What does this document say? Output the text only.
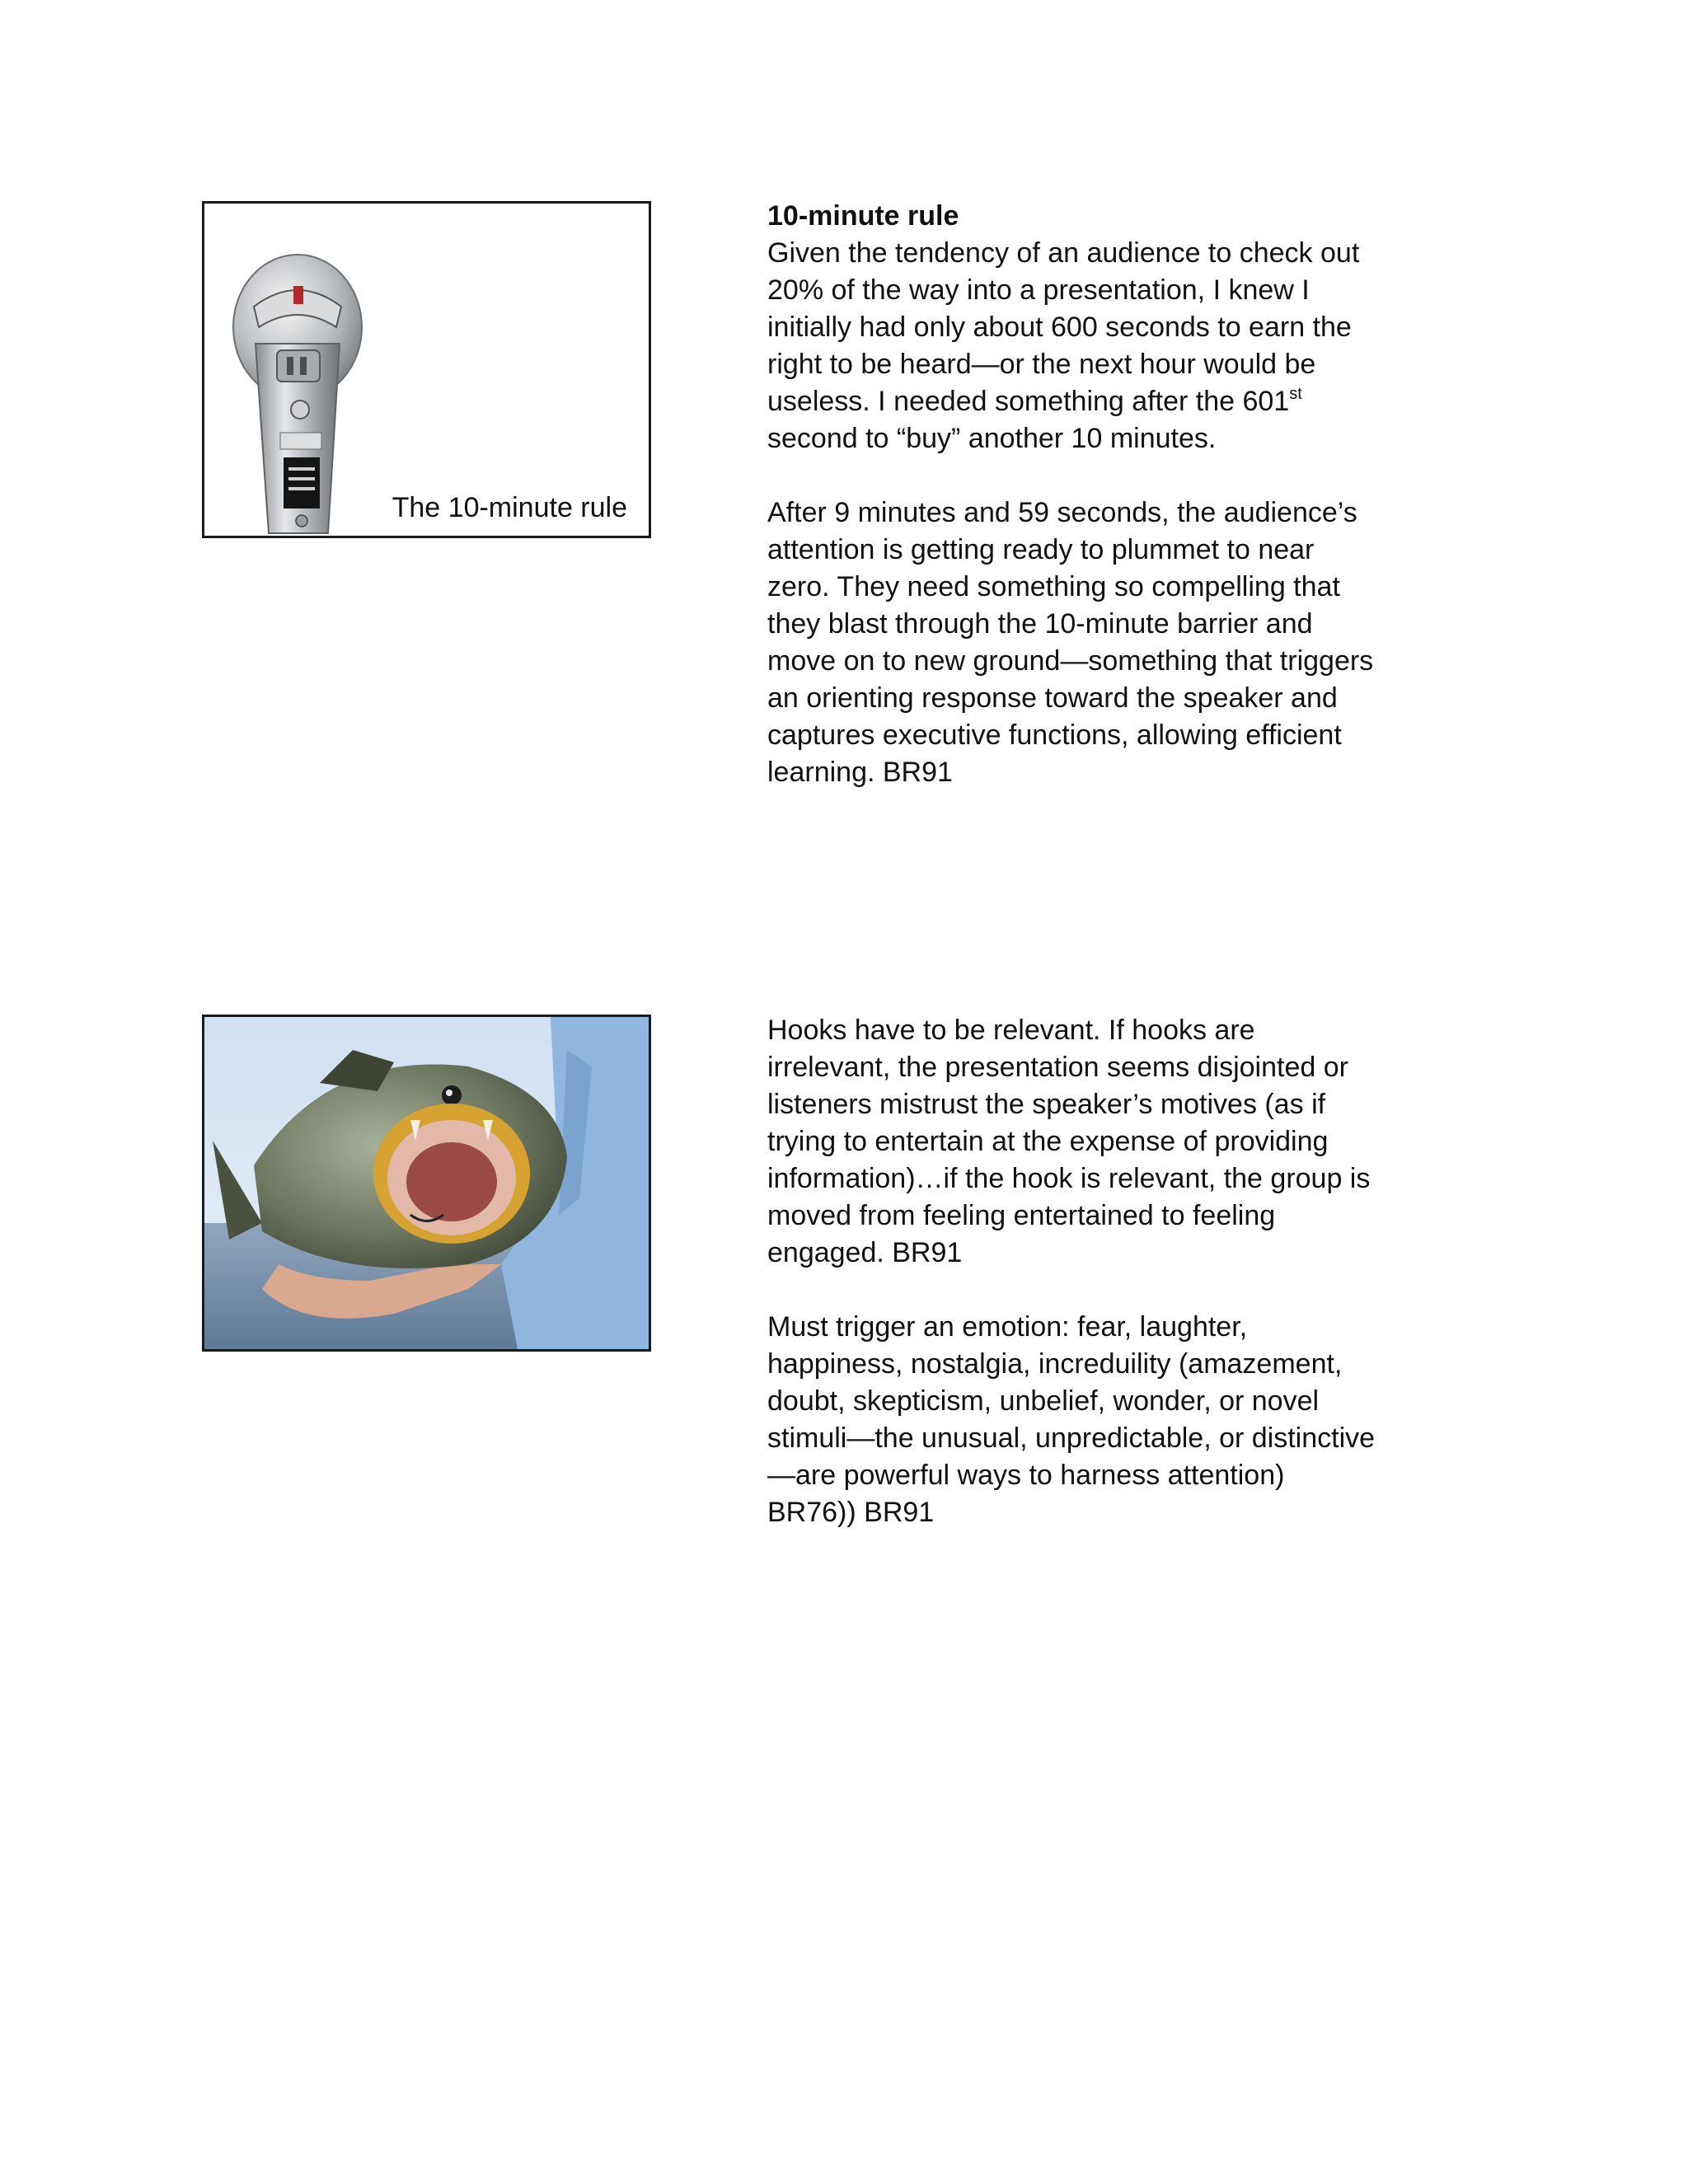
The 10-minute rule

10-minute rule
Given the tendency of an audience to check out 20% of the way into a presentation, I knew I initially had only about 600 seconds to earn the right to be heard—or the next hour would be useless. I needed something after the 601st second to “buy” another 10 minutes.

After 9 minutes and 59 seconds, the audience’s attention is getting ready to plummet to near zero. They need something so compelling that they blast through the 10-minute barrier and move on to new ground—something that triggers an orienting response toward the speaker and captures executive functions, allowing efficient learning. BR91

Hooks have to be relevant. If hooks are irrelevant, the presentation seems disjointed or listeners mistrust the speaker’s motives (as if trying to entertain at the expense of providing information)…if the hook is relevant, the group is moved from feeling entertained to feeling engaged. BR91

Must trigger an emotion: fear, laughter, happiness, nostalgia, increduility (amazement, doubt, skepticism, unbelief, wonder, or novel stimuli—the unusual, unpredictable, or distinctive—are powerful ways to harness attention) BR76)) BR91
